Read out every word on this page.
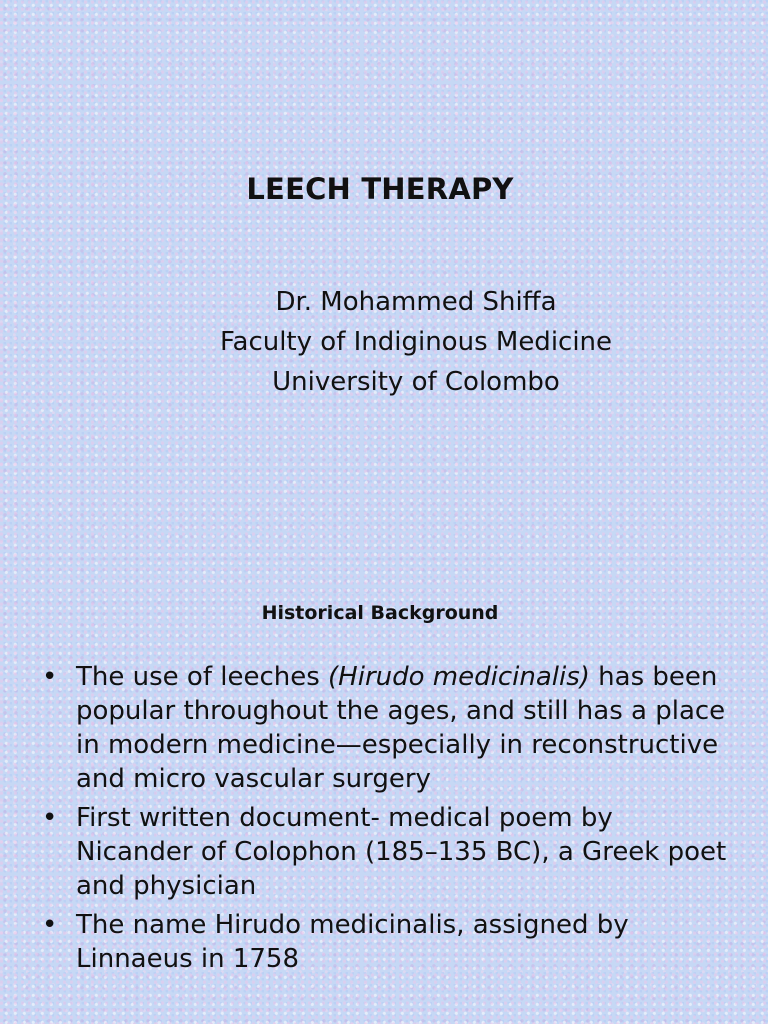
LEECH THERAPY
Dr. Mohammed Shiffa
Faculty of Indiginous Medicine
University of Colombo
Historical Background
• The use of leeches (Hirudo medicinalis) has been popular throughout the ages, and still has a place in modern medicine—especially in reconstructive and micro vascular surgery
• First written document- medical poem by Nicander of Colophon (185–135 BC), a Greek poet and physician
• The name Hirudo medicinalis, assigned by Linnaeus in 1758
